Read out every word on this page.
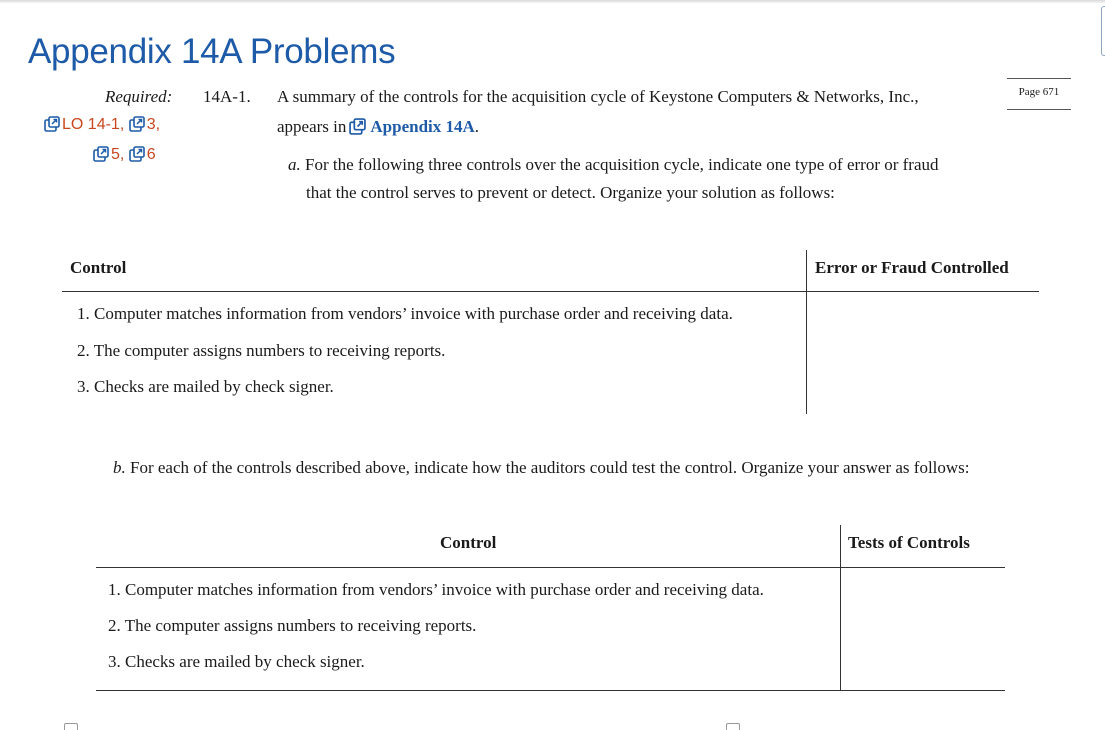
Appendix 14A Problems
Required: 14A-1.
LO 14-1, 3,
5, 6
A summary of the controls for the acquisition cycle of Keystone Computers & Networks, Inc.,
appears in Appendix 14A.
Page 671
a. For the following three controls over the acquisition cycle, indicate one type of error or fraud
that the control serves to prevent or detect. Organize your solution as follows:
Control	Error or Fraud Controlled
1. Computer matches information from vendors’ invoice with purchase order and receiving data.
2. The computer assigns numbers to receiving reports.
3. Checks are mailed by check signer.
b. For each of the controls described above, indicate how the auditors could test the control. Organize your answer as follows:
Control	Tests of Controls
1. Computer matches information from vendors’ invoice with purchase order and receiving data.
2. The computer assigns numbers to receiving reports.
3. Checks are mailed by check signer.
